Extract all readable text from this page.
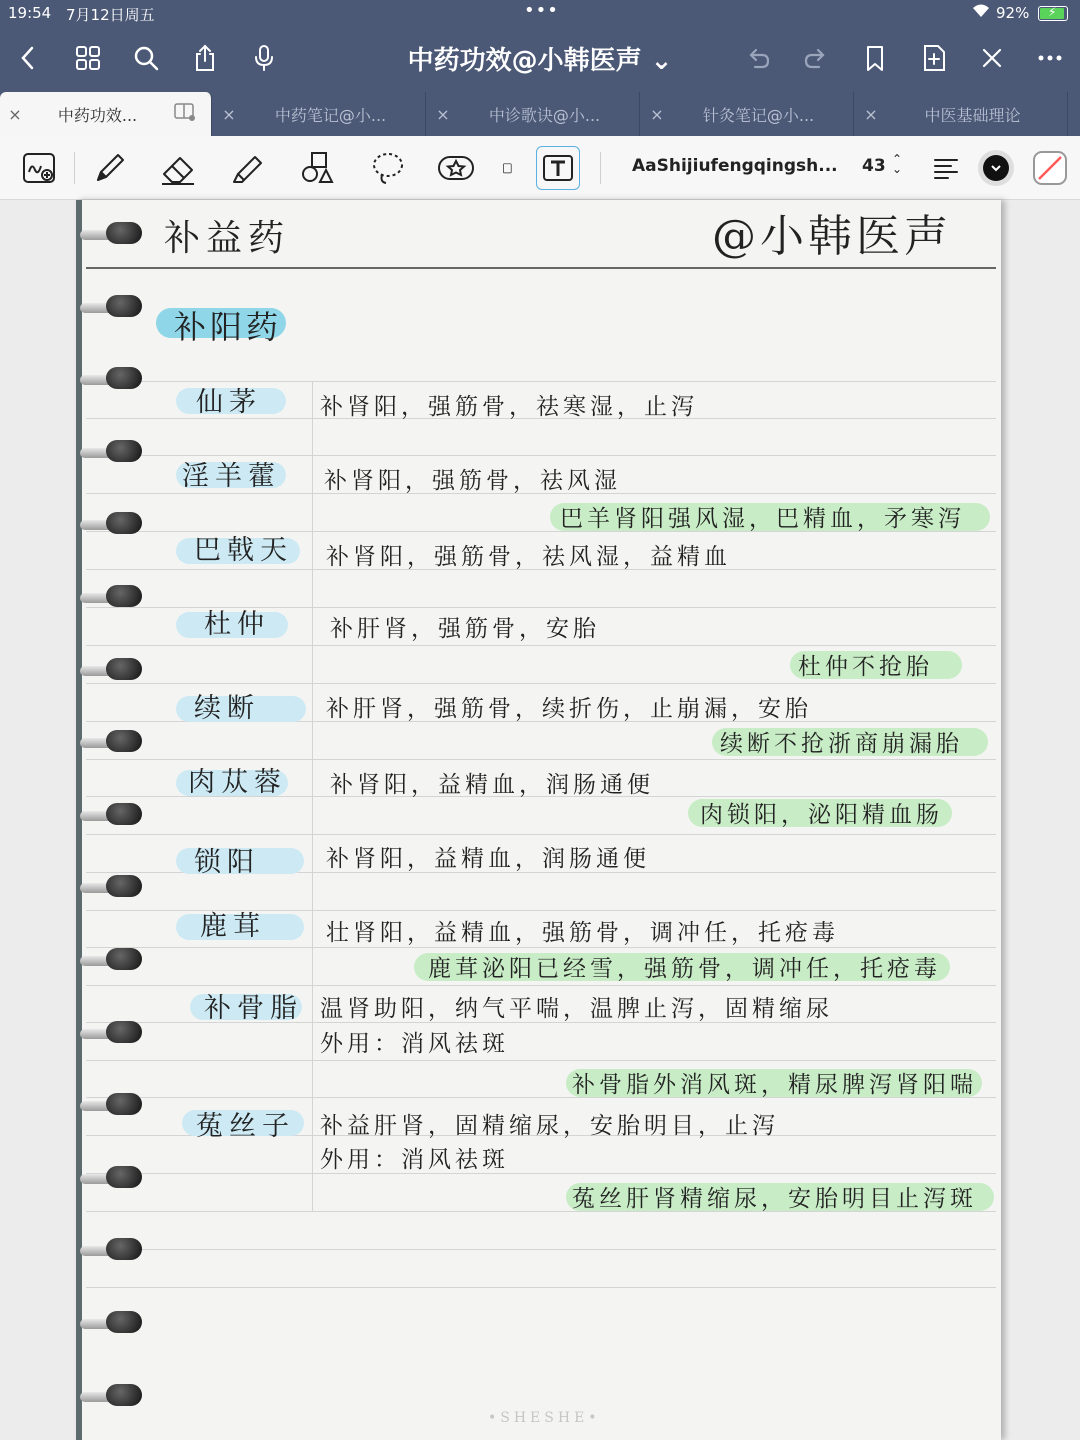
19:54 7月12日周五	•••	92% ⚡
中药功效@小韩医声 ⌄
×	中药功效...	×	中药笔记@小...	×	中诊歌诀@小...	×	针灸笔记@小...	×	中医基础理论
AaShijiufengqingsh... 43 ⌃
⌄
补益药	@小韩医声
补阳药
仙茅	补肾阳，强筋骨，祛寒湿，止泻
淫羊藿 补肾阳，强筋骨，祛风湿
巴羊肾阳强风湿，巴精血，矛寒泻
巴戟天 补肾阳，强筋骨，祛风湿，益精血
杜仲	补肝肾，强筋骨，安胎
杜仲不抢胎
续断	补肝肾，强筋骨，续折伤，止崩漏，安胎
续断不抢浙商崩漏胎
肉苁蓉 补肾阳，益精血，润肠通便
肉锁阳，泌阳精血肠
锁阳	补肾阳，益精血，润肠通便
鹿茸	壮肾阳，益精血，强筋骨，调冲任，托疮毒
鹿茸泌阳已经雪，强筋骨，调冲任，托疮毒
补骨脂 温肾助阳，纳气平喘，温脾止泻，固精缩尿
外用：消风祛斑
补骨脂外消风斑，精尿脾泻肾阳喘
菟丝子 补益肝肾，固精缩尿，安胎明目，止泻
外用：消风祛斑
菟丝肝肾精缩尿，安胎明目止泻斑
•SHESHE•
